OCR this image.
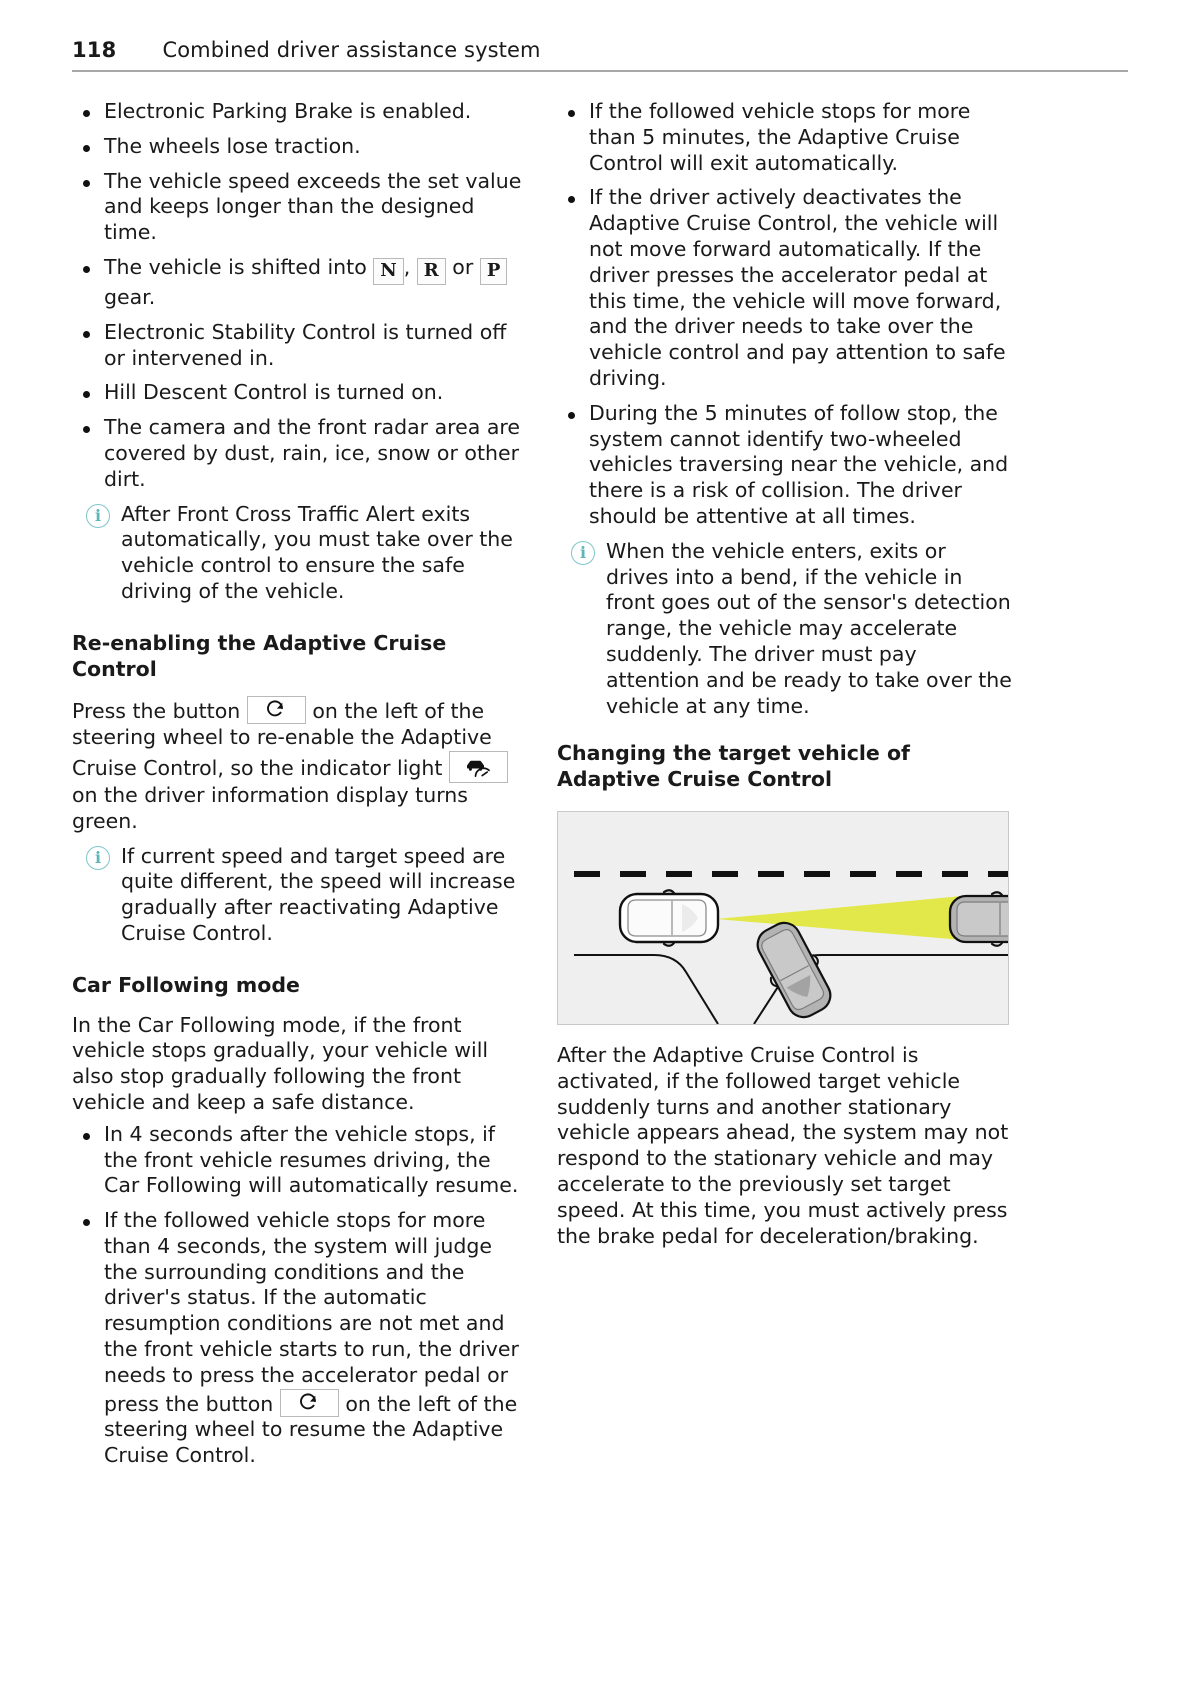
118 Combined driver assistance system
Electronic Parking Brake is enabled.
The wheels lose traction.
The vehicle speed exceeds the set value and keeps longer than the designed time.
The vehicle is shifted into N , R or P gear.
Electronic Stability Control is turned off or intervened in.
Hill Descent Control is turned on.
The camera and the front radar area are covered by dust, rain, ice, snow or other dirt.
i After Front Cross Traffic Alert exits automatically, you must take over the vehicle control to ensure the safe driving of the vehicle.
Re-enabling the Adaptive Cruise Control

Press the button	on the left of the steering wheel to re-enable the Adaptive Cruise Control, so the indicator light
on the driver information display turns green.

i If current speed and target speed are quite different, the speed will increase gradually after reactivating Adaptive Cruise Control.
Car Following mode

In the Car Following mode, if the front vehicle stops gradually, your vehicle will also stop gradually following the front vehicle and keep a safe distance.

In 4 seconds after the vehicle stops, if the front vehicle resumes driving, the Car Following will automatically resume.
If the followed vehicle stops for more than 4 seconds, the system will judge the surrounding conditions and the driver's status. If the automatic resumption conditions are not met and the front vehicle starts to run, the driver needs to press the accelerator pedal or press the button	on the left of the steering wheel to resume the Adaptive Cruise Control.
If the followed vehicle stops for more than 5 minutes, the Adaptive Cruise Control will exit automatically.
If the driver actively deactivates the Adaptive Cruise Control, the vehicle will not move forward automatically. If the driver presses the accelerator pedal at this time, the vehicle will move forward, and the driver needs to take over the vehicle control and pay attention to safe driving.
During the 5 minutes of follow stop, the system cannot identify two-wheeled vehicles traversing near the vehicle, and there is a risk of collision. The driver should be attentive at all times.
i When the vehicle enters, exits or drives into a bend, if the vehicle in front goes out of the sensor's detection range, the vehicle may accelerate suddenly. The driver must pay attention and be ready to take over the vehicle at any time.
Changing the target vehicle of Adaptive Cruise Control

After the Adaptive Cruise Control is activated, if the followed target vehicle suddenly turns and another stationary vehicle appears ahead, the system may not respond to the stationary vehicle and may accelerate to the previously set target speed. At this time, you must actively press the brake pedal for deceleration/braking.
